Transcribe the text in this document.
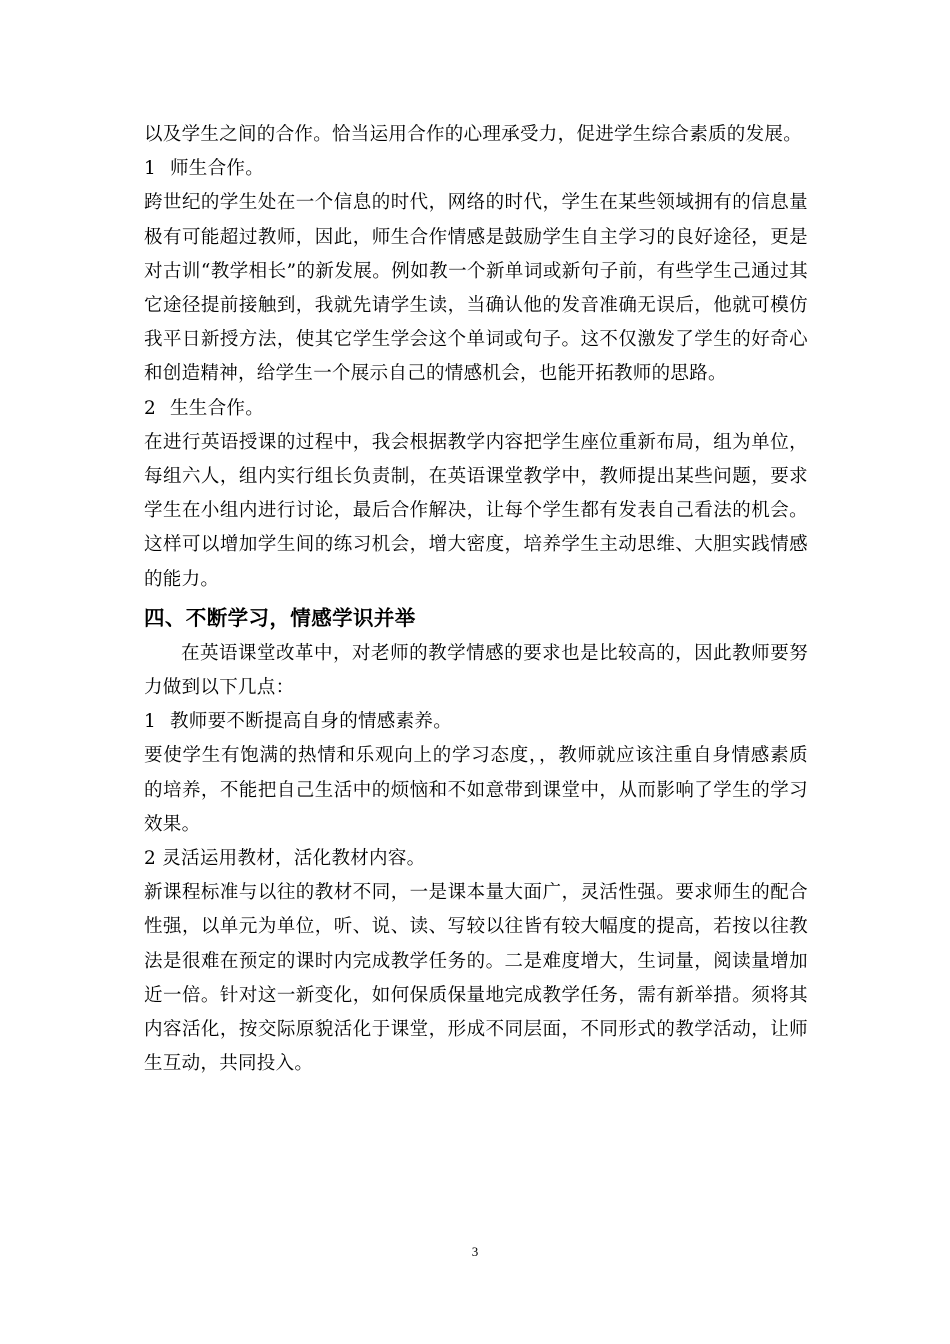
以及学生之间的合作。恰当运用合作的心理承受力，促进学生综合素质的发展。
1 师生合作。
跨世纪的学生处在一个信息的时代，网络的时代，学生在某些领域拥有的信息量极有可能超过教师，因此，师生合作情感是鼓励学生自主学习的良好途径，更是对古训“教学相长”的新发展。例如教一个新单词或新句子前，有些学生己通过其它途径提前接触到，我就先请学生读，当确认他的发音准确无误后，他就可模仿我平日新授方法，使其它学生学会这个单词或句子。这不仅激发了学生的好奇心和创造精神，给学生一个展示自己的情感机会，也能开拓教师的思路。
2 生生合作。
在进行英语授课的过程中，我会根据教学内容把学生座位重新布局，组为单位，每组六人，组内实行组长负责制，在英语课堂教学中，教师提出某些问题，要求学生在小组内进行讨论，最后合作解决，让每个学生都有发表自己看法的机会。这样可以增加学生间的练习机会，增大密度，培养学生主动思维、大胆实践情感的能力。
四、不断学习，情感学识并举
在英语课堂改革中，对老师的教学情感的要求也是比较高的，因此教师要努力做到以下几点：
1 教师要不断提高自身的情感素养。
要使学生有饱满的热情和乐观向上的学习态度，，教师就应该注重自身情感素质的培养，不能把自己生活中的烦恼和不如意带到课堂中，从而影响了学生的学习效果。
2 灵活运用教材，活化教材内容。
新课程标准与以往的教材不同，一是课本量大面广，灵活性强。要求师生的配合性强，以单元为单位，听、说、读、写较以往皆有较大幅度的提高，若按以往教法是很难在预定的课时内完成教学任务的。二是难度增大，生词量，阅读量增加近一倍。针对这一新变化，如何保质保量地完成教学任务，需有新举措。须将其内容活化，按交际原貌活化于课堂，形成不同层面，不同形式的教学活动，让师生互动，共同投入。
3
